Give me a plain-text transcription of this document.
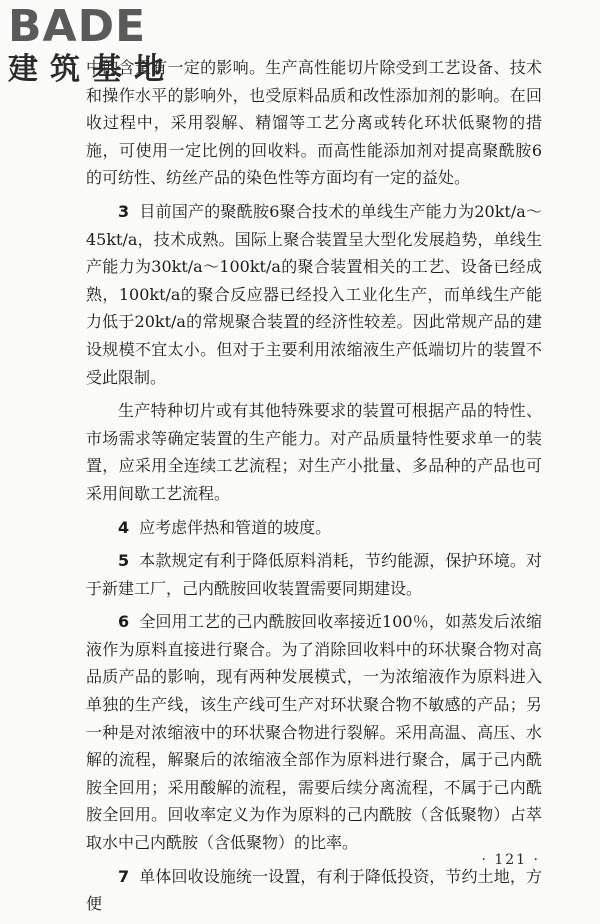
BADE
建筑基地

中的含量有一定的影响。生产高性能切片除受到工艺设备、技术和操作水平的影响外，也受原料品质和改性添加剂的影响。在回收过程中，采用裂解、精馏等工艺分离或转化环状低聚物的措施，可使用一定比例的回收料。而高性能添加剂对提高聚酰胺6的可纺性、纺丝产品的染色性等方面均有一定的益处。

3 目前国产的聚酰胺6聚合技术的单线生产能力为20kt/a～45kt/a，技术成熟。国际上聚合装置呈大型化发展趋势，单线生产能力为30kt/a～100kt/a的聚合装置相关的工艺、设备已经成熟，100kt/a的聚合反应器已经投入工业化生产，而单线生产能力低于20kt/a的常规聚合装置的经济性较差。因此常规产品的建设规模不宜太小。但对于主要利用浓缩液生产低端切片的装置不受此限制。

生产特种切片或有其他特殊要求的装置可根据产品的特性、市场需求等确定装置的生产能力。对产品质量特性要求单一的装置，应采用全连续工艺流程；对生产小批量、多品种的产品也可采用间歇工艺流程。

4 应考虑伴热和管道的坡度。

5 本款规定有利于降低原料消耗，节约能源，保护环境。对于新建工厂，己内酰胺回收装置需要同期建设。

6 全回用工艺的己内酰胺回收率接近100％，如蒸发后浓缩液作为原料直接进行聚合。为了消除回收料中的环状聚合物对高品质产品的影响，现有两种发展模式，一为浓缩液作为原料进入单独的生产线，该生产线可生产对环状聚合物不敏感的产品；另一种是对浓缩液中的环状聚合物进行裂解。采用高温、高压、水解的流程，解聚后的浓缩液全部作为原料进行聚合，属于己内酰胺全回用；采用酸解的流程，需要后续分离流程，不属于己内酰胺全回用。回收率定义为作为原料的己内酰胺（含低聚物）占萃取水中己内酰胺（含低聚物）的比率。

7 单体回收设施统一设置，有利于降低投资，节约土地，方便

· 121 ·
